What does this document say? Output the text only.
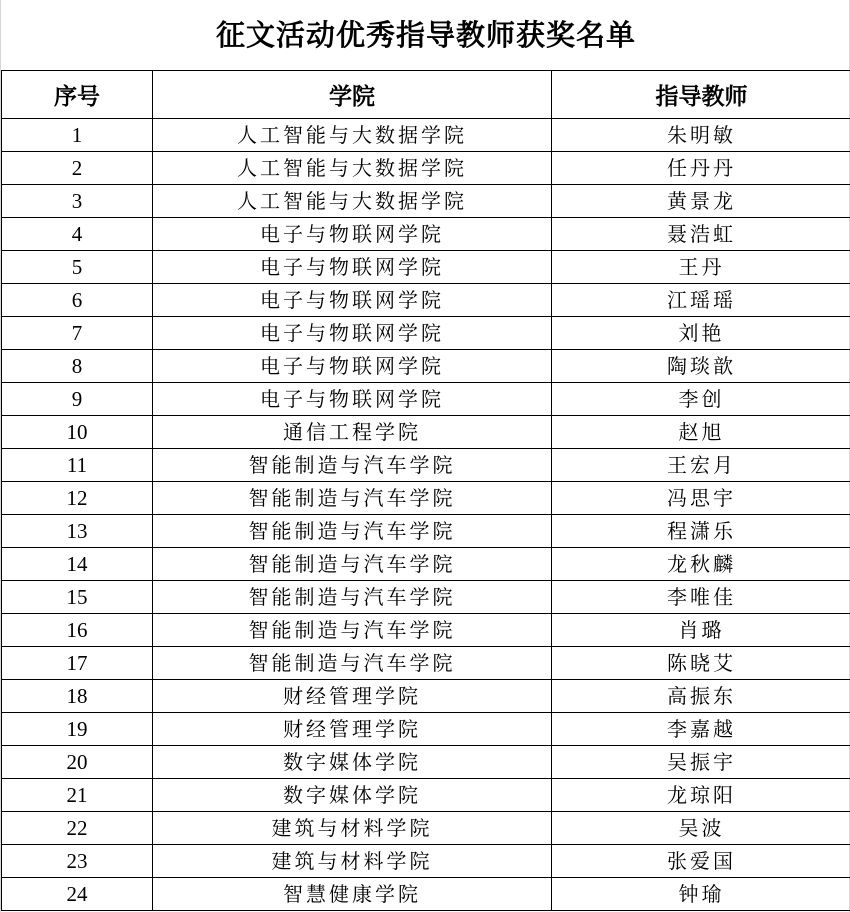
征文活动优秀指导教师获奖名单
序号	学院	指导教师
1	人工智能与大数据学院	朱明敏
2	人工智能与大数据学院	任丹丹
3	人工智能与大数据学院	黄景龙
4	电子与物联网学院	聂浩虹
5	电子与物联网学院	王丹
6	电子与物联网学院	江瑶瑶
7	电子与物联网学院	刘艳
8	电子与物联网学院	陶琰歆
9	电子与物联网学院	李创
10	通信工程学院	赵旭
11	智能制造与汽车学院	王宏月
12	智能制造与汽车学院	冯思宇
13	智能制造与汽车学院	程潇乐
14	智能制造与汽车学院	龙秋麟
15	智能制造与汽车学院	李唯佳
16	智能制造与汽车学院	肖璐
17	智能制造与汽车学院	陈晓艾
18	财经管理学院	高振东
19	财经管理学院	李嘉越
20	数字媒体学院	吴振宇
21	数字媒体学院	龙琼阳
22	建筑与材料学院	吴波
23	建筑与材料学院	张爱国
24	智慧健康学院	钟瑜
